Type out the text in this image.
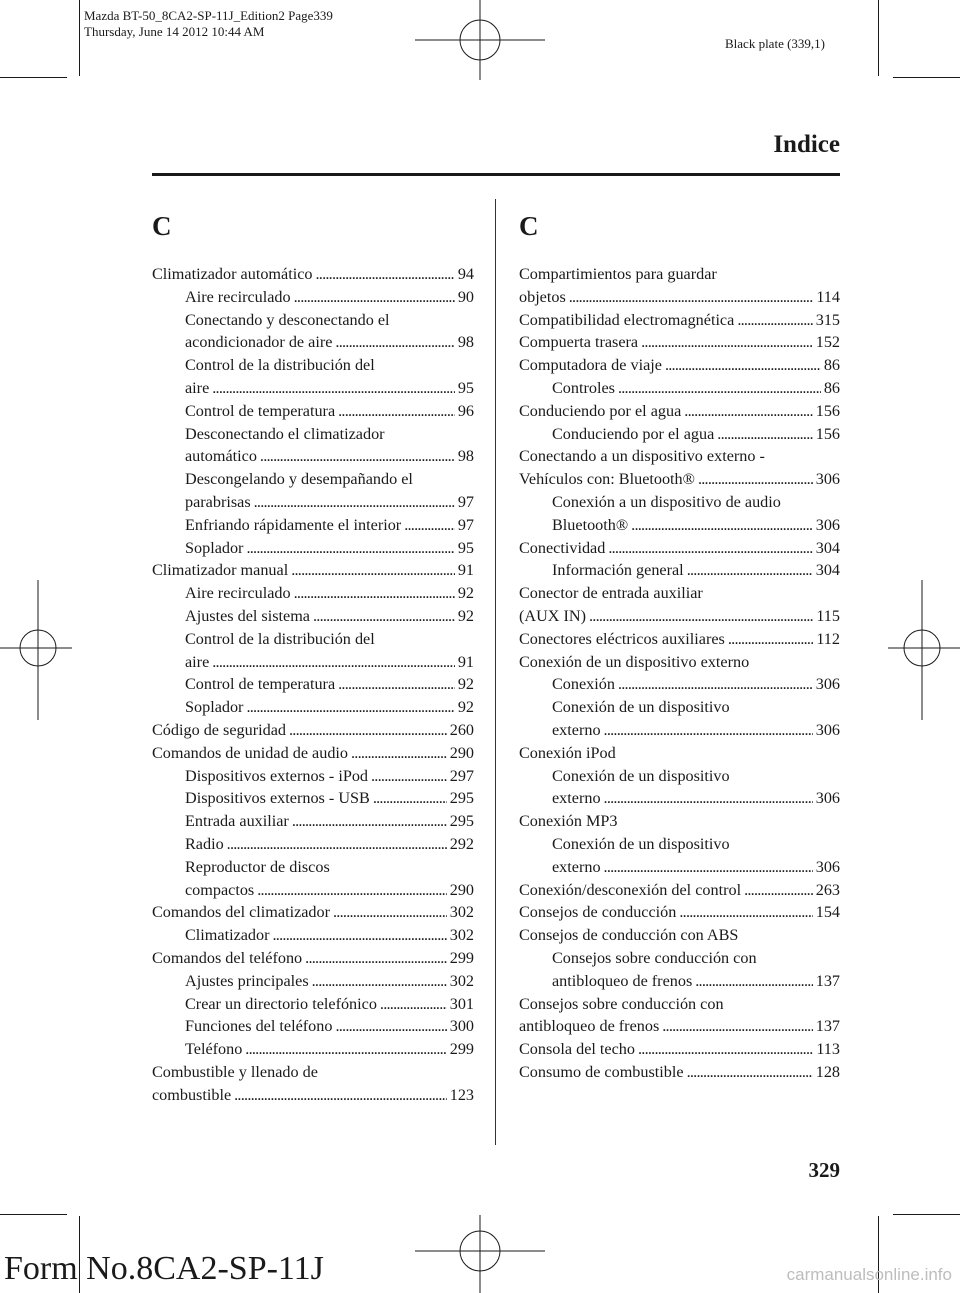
Mazda BT-50_8CA2-SP-11J_Edition2 Page339
Thursday, June 14 2012 10:44 AM
Black plate (339,1)
Indice
C
Climatizador automático . . .	94
Aire recirculado . . .	90
Conectando y desconectando el
acondicionador de aire . . .	98
Control de la distribución del
aire . . .	95
Control de temperatura . . .	96
Desconectando el climatizador
automático . . .	98
Descongelando y desempañando el
parabrisas . . .	97
Enfriando rápidamente el interior . . .	97
Soplador . . .	95
Climatizador manual . . .	91
Aire recirculado . . .	92
Ajustes del sistema . . .	92
Control de la distribución del
aire . . .	91
Control de temperatura . . .	92
Soplador . . .	92
Código de seguridad . . .	260
Comandos de unidad de audio . . .	290
Dispositivos externos - iPod . . .	297
Dispositivos externos - USB . . .	295
Entrada auxiliar . . .	295
Radio . . .	292
Reproductor de discos
compactos . . .	290
Comandos del climatizador . . .	302
Climatizador . . .	302
Comandos del teléfono . . .	299
Ajustes principales . . .	302
Crear un directorio telefónico . . .	301
Funciones del teléfono . . .	300
Teléfono . . .	299
Combustible y llenado de
combustible . . .	123
C
Compartimientos para guardar
objetos . . .	114
Compatibilidad electromagnética . . .	315
Compuerta trasera . . .	152
Computadora de viaje . . .	86
Controles . . .	86
Conduciendo por el agua . . .	156
Conduciendo por el agua . . .	156
Conectando a un dispositivo externo -
Vehículos con: Bluetooth® . . .	306
Conexión a un dispositivo de audio
Bluetooth® . . .	306
Conectividad . . .	304
Información general . . .	304
Conector de entrada auxiliar
(AUX IN) . . .	115
Conectores eléctricos auxiliares . . .	112
Conexión de un dispositivo externo
Conexión . . .	306
Conexión de un dispositivo
externo . . .	306
Conexión iPod
Conexión de un dispositivo
externo . . .	306
Conexión MP3
Conexión de un dispositivo
externo . . .	306
Conexión/desconexión del control . . .	263
Consejos de conducción . . .	154
Consejos de conducción con ABS
Consejos sobre conducción con
antibloqueo de frenos . . .	137
Consejos sobre conducción con
antibloqueo de frenos . . .	137
Consola del techo . . .	113
Consumo de combustible . . .	128
329
Form No.8CA2-SP-11J	carmanualsonline.info
